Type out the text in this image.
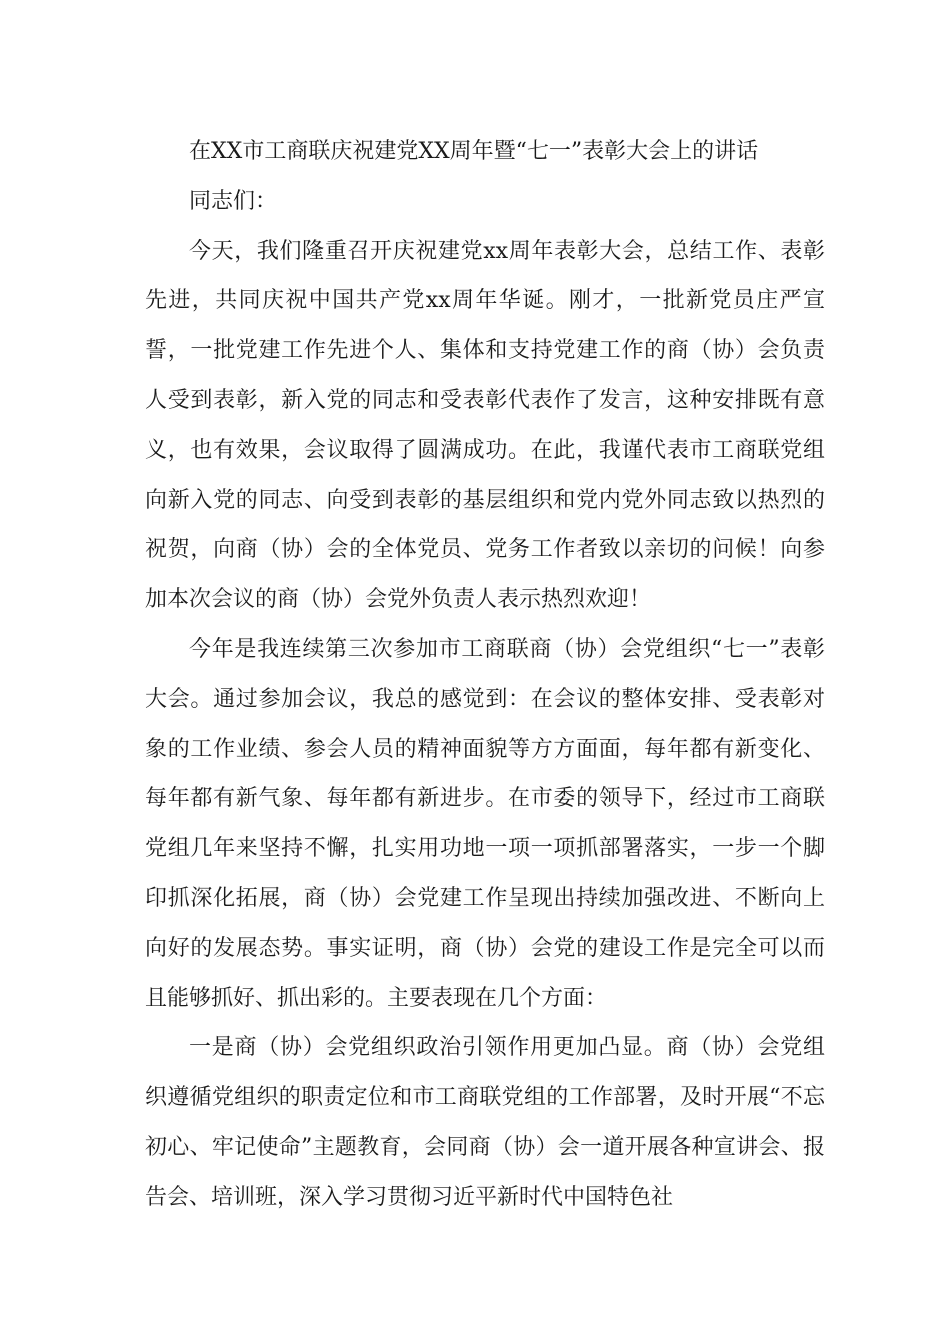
在XX市工商联庆祝建党XX周年暨“七一”表彰大会上的讲话

同志们：

今天，我们隆重召开庆祝建党xx周年表彰大会，总结工作、表彰先进，共同庆祝中国共产党xx周年华诞。刚才，一批新党员庄严宣誓，一批党建工作先进个人、集体和支持党建工作的商（协）会负责人受到表彰，新入党的同志和受表彰代表作了发言，这种安排既有意义，也有效果，会议取得了圆满成功。在此，我谨代表市工商联党组向新入党的同志、向受到表彰的基层组织和党内党外同志致以热烈的祝贺，向商（协）会的全体党员、党务工作者致以亲切的问候！向参加本次会议的商（协）会党外负责人表示热烈欢迎！

今年是我连续第三次参加市工商联商（协）会党组织“七一”表彰大会。通过参加会议，我总的感觉到：在会议的整体安排、受表彰对象的工作业绩、参会人员的精神面貌等方方面面，每年都有新变化、每年都有新气象、每年都有新进步。在市委的领导下，经过市工商联党组几年来坚持不懈，扎实用功地一项一项抓部署落实，一步一个脚印抓深化拓展，商（协）会党建工作呈现出持续加强改进、不断向上向好的发展态势。事实证明，商（协）会党的建设工作是完全可以而且能够抓好、抓出彩的。主要表现在几个方面：

一是商（协）会党组织政治引领作用更加凸显。商（协）会党组织遵循党组织的职责定位和市工商联党组的工作部署，及时开展“不忘初心、牢记使命”主题教育，会同商（协）会一道开展各种宣讲会、报告会、培训班，深入学习贯彻习近平新时代中国特色社
